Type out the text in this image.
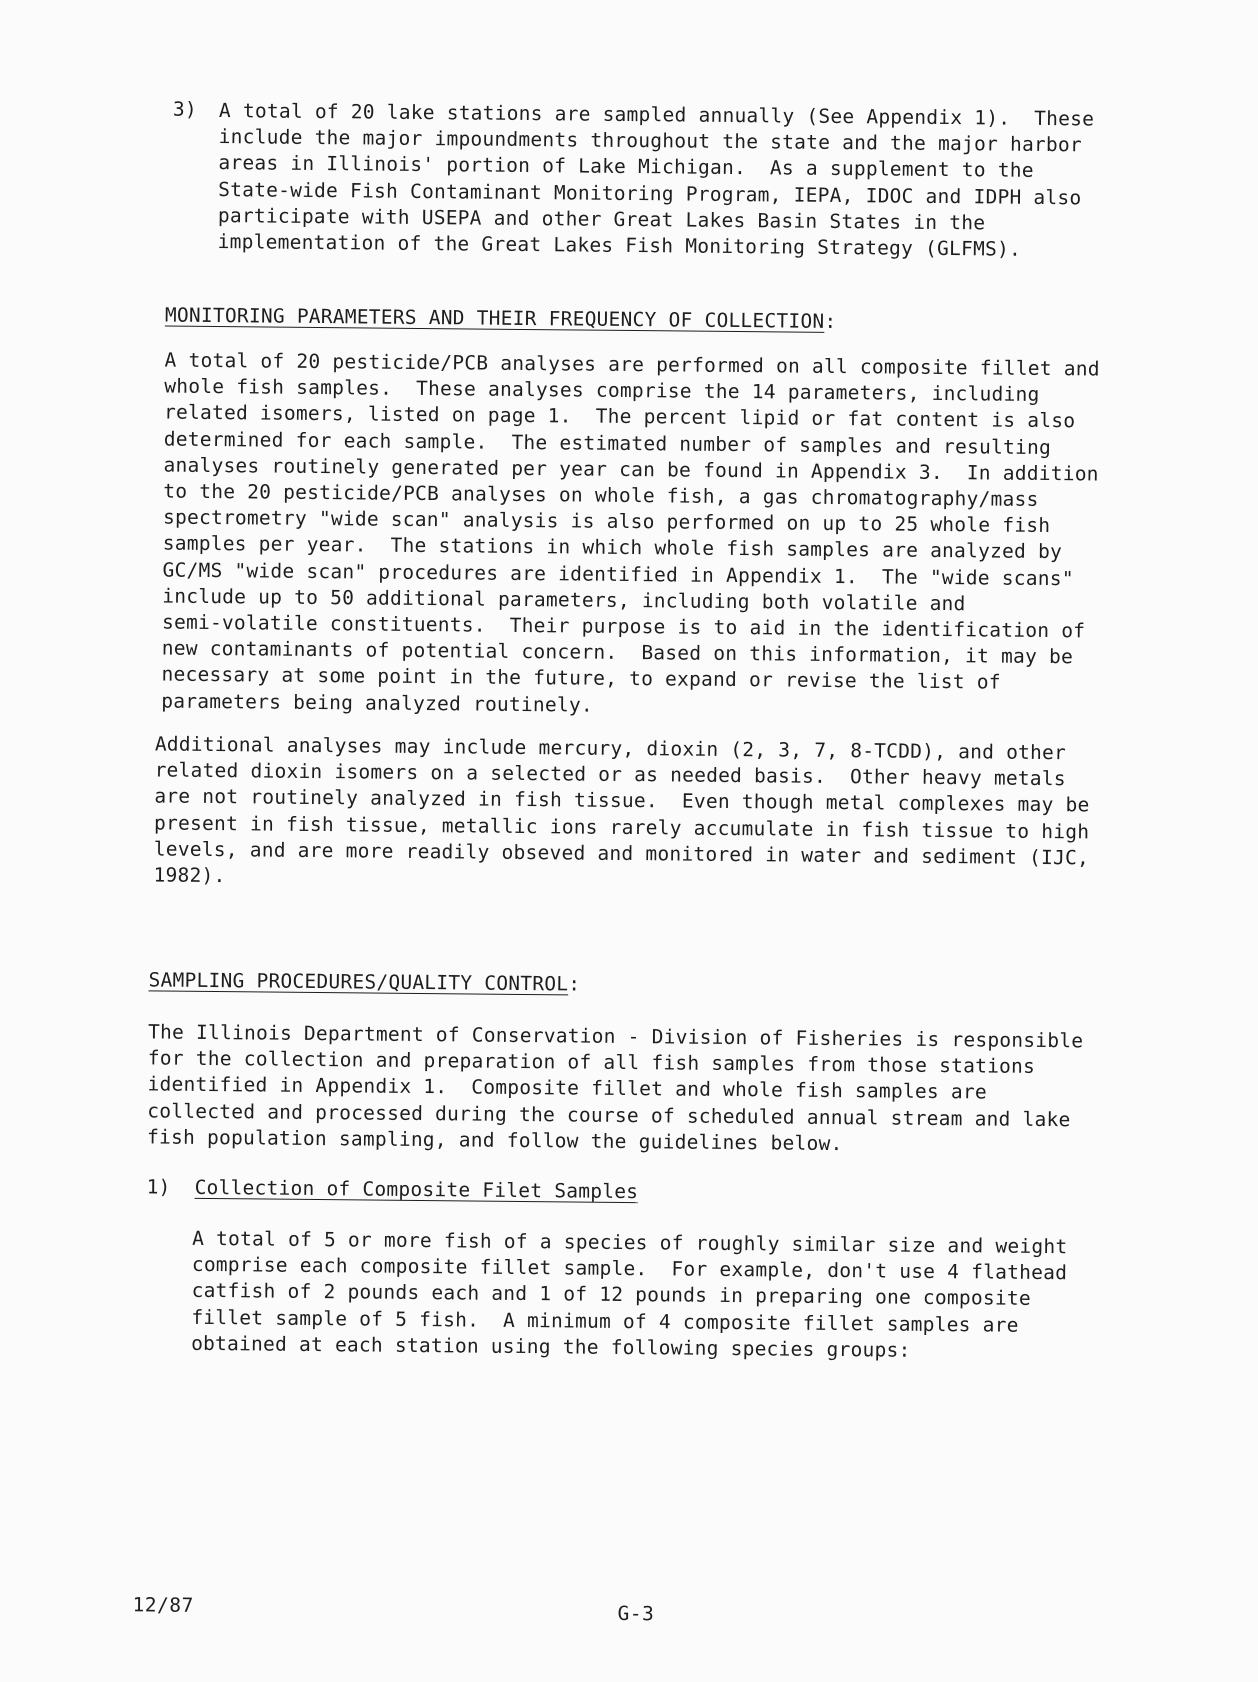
3) A total of 20 lake stations are sampled annually (See Appendix 1).  These
include the major impoundments throughout the state and the major harbor
areas in Illinois' portion of Lake Michigan.  As a supplement to the
State-wide Fish Contaminant Monitoring Program, IEPA, IDOC and IDPH also
participate with USEPA and other Great Lakes Basin States in the
implementation of the Great Lakes Fish Monitoring Strategy (GLFMS).
MONITORING PARAMETERS AND THEIR FREQUENCY OF COLLECTION:
A total of 20 pesticide/PCB analyses are performed on all composite fillet and
whole fish samples.  These analyses comprise the 14 parameters, including
related isomers, listed on page 1.  The percent lipid or fat content is also
determined for each sample.  The estimated number of samples and resulting
analyses routinely generated per year can be found in Appendix 3.  In addition
to the 20 pesticide/PCB analyses on whole fish, a gas chromatography/mass
spectrometry "wide scan" analysis is also performed on up to 25 whole fish
samples per year.  The stations in which whole fish samples are analyzed by
GC/MS "wide scan" procedures are identified in Appendix 1.  The "wide scans"
include up to 50 additional parameters, including both volatile and
semi-volatile constituents.  Their purpose is to aid in the identification of
new contaminants of potential concern.  Based on this information, it may be
necessary at some point in the future, to expand or revise the list of
parameters being analyzed routinely.
Additional analyses may include mercury, dioxin (2, 3, 7, 8-TCDD), and other
related dioxin isomers on a selected or as needed basis.  Other heavy metals
are not routinely analyzed in fish tissue.  Even though metal complexes may be
present in fish tissue, metallic ions rarely accumulate in fish tissue to high
levels, and are more readily obseved and monitored in water and sediment (IJC,
1982).
SAMPLING PROCEDURES/QUALITY CONTROL:
The Illinois Department of Conservation - Division of Fisheries is responsible
for the collection and preparation of all fish samples from those stations
identified in Appendix 1.  Composite fillet and whole fish samples are
collected and processed during the course of scheduled annual stream and lake
fish population sampling, and follow the guidelines below.
1) Collection of Composite Filet Samples
A total of 5 or more fish of a species of roughly similar size and weight
comprise each composite fillet sample.  For example, don't use 4 flathead
catfish of 2 pounds each and 1 of 12 pounds in preparing one composite
fillet sample of 5 fish.  A minimum of 4 composite fillet samples are
obtained at each station using the following species groups:
12/87	G-3
